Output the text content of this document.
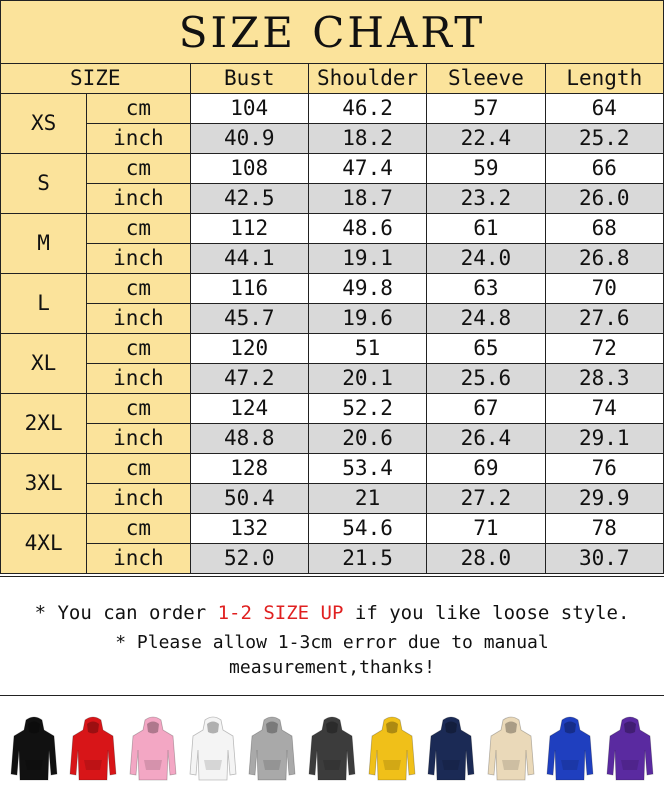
SIZE CHART
SIZE		Bust	Shoulder	Sleeve	Length
XS	cm	104	46.2	57	64
	inch	40.9	18.2	22.4	25.2
S	cm	108	47.4	59	66
	inch	42.5	18.7	23.2	26.0
M	cm	112	48.6	61	68
	inch	44.1	19.1	24.0	26.8
L	cm	116	49.8	63	70
	inch	45.7	19.6	24.8	27.6
XL	cm	120	51	65	72
	inch	47.2	20.1	25.6	28.3
2XL	cm	124	52.2	67	74
	inch	48.8	20.6	26.4	29.1
3XL	cm	128	53.4	69	76
	inch	50.4	21	27.2	29.9
4XL	cm	132	54.6	71	78
	inch	52.0	21.5	28.0	30.7
* You can order 1-2 SIZE UP if you like loose style.
* Please allow 1-3cm error due to manual measurement,thanks!
